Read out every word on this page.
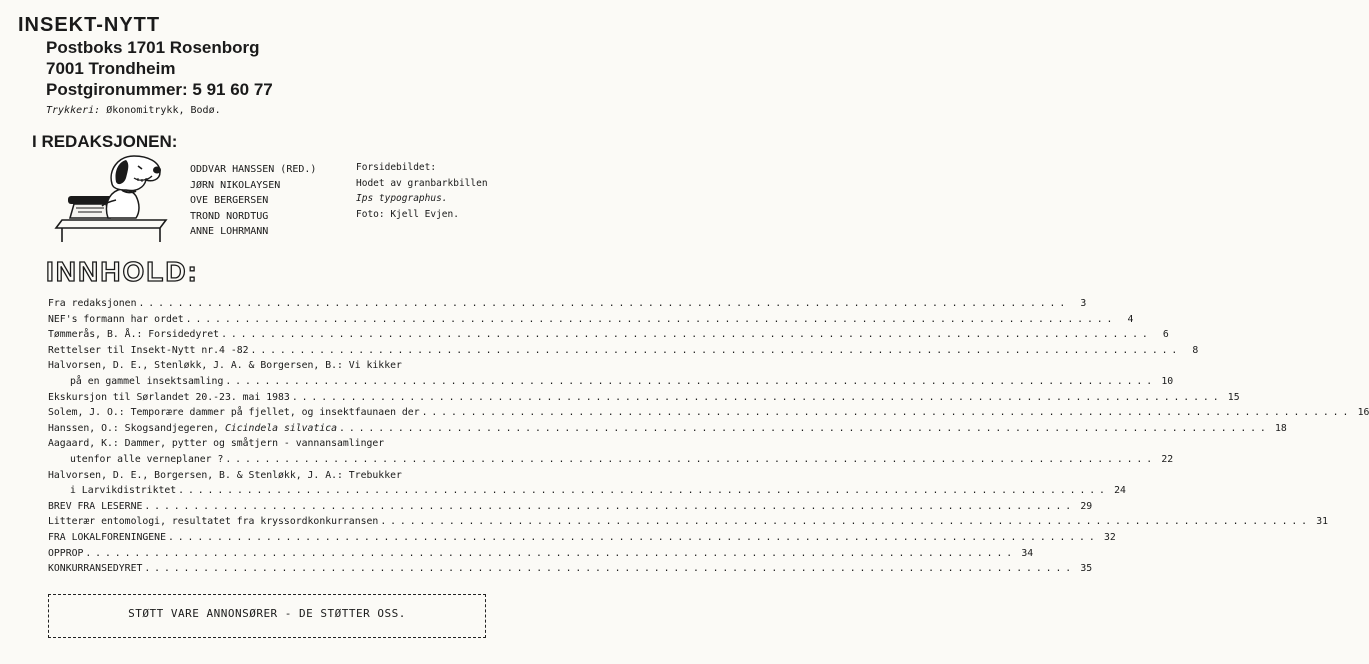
INSEKT-NYTT
Postboks 1701 Rosenborg
7001 Trondheim
Postgironummer: 5 91 60 77
Trykkeri: Økonomitrykk, Bodø.
I REDAKSJONEN:
ODDVAR HANSSEN (RED.)
JØRN NIKOLAYSEN
OVE BERGERSEN
TROND NORDTUG
ANNE LOHRMANN
Forsidebildet:
Hodet av granbarkbillen
Ips typographus.
Foto: Kjell Evjen.
INNHOLD:
Fra redaksjonen . . .	3
NEF's formann har ordet . . .	4
Tømmerås, B. Å.: Forsidedyret . . .	6
Rettelser til Insekt-Nytt nr.4 -82 . . .	8
Halvorsen, D. E., Stenløkk, J. A. & Borgersen, B.: Vi kikker
på en gammel insektsamling . . .	10
Ekskursjon til Sørlandet 20.-23. mai 1983 . . .	15
Solem, J. O.: Temporære dammer på fjellet, og insektfaunaen der . . .	16
Hanssen, O.: Skogsandjegeren, Cicindela silvatica . . .	18
Aagaard, K.: Dammer, pytter og småtjern - vannansamlinger
utenfor alle verneplaner ? . . .	22
Halvorsen, D. E., Borgersen, B. & Stenløkk, J. A.: Trebukker
i Larvikdistriktet . . .	24
BREV FRA LESERNE . . .	29
Litterær entomologi, resultatet fra kryssordkonkurransen . . .	31
FRA LOKALFORENINGENE . . .	32
OPPROP . . .	34
KONKURRANSEDYRET . . .	35
STØTT VARE ANNONSØRER - DE STØTTER OSS.
